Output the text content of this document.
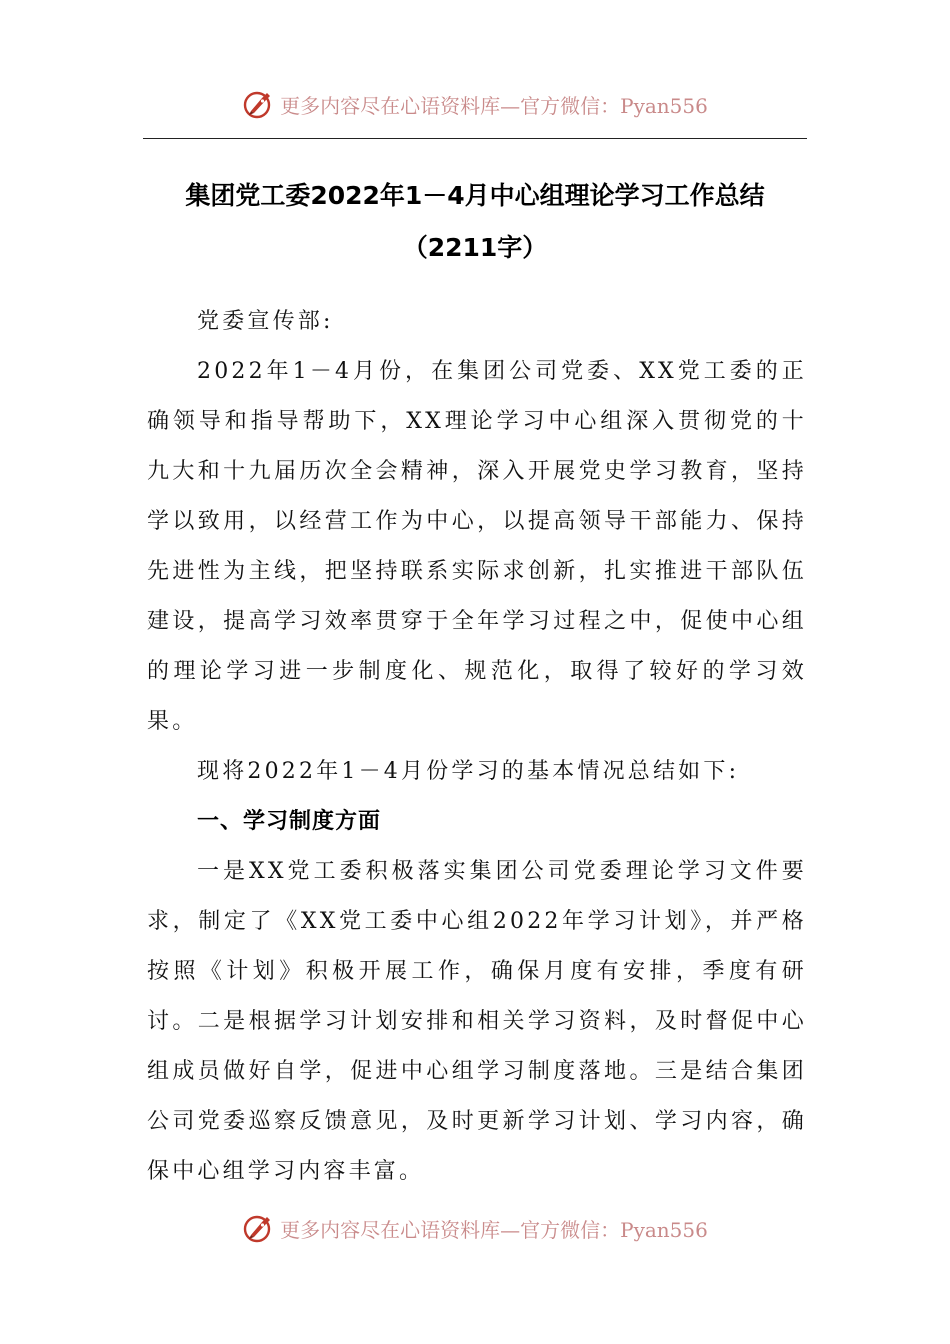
更多内容尽在心语资料库—官方微信：Pyan556
集团党工委2022年1－4月中心组理论学习工作总结（2211字）

党委宣传部:

2022年1－4月份，在集团公司党委、XX党工委的正确领导和指导帮助下，XX理论学习中心组深入贯彻党的十九大和十九届历次全会精神，深入开展党史学习教育，坚持学以致用，以经营工作为中心，以提高领导干部能力、保持先进性为主线，把坚持联系实际求创新，扎实推进干部队伍建设，提高学习效率贯穿于全年学习过程之中，促使中心组的理论学习进一步制度化、规范化，取得了较好的学习效果。

现将2022年1－4月份学习的基本情况总结如下:

一、学习制度方面

一是XX党工委积极落实集团公司党委理论学习文件要求，制定了《XX党工委中心组2022年学习计划》，并严格按照《计划》积极开展工作，确保月度有安排，季度有研讨。二是根据学习计划安排和相关学习资料，及时督促中心组成员做好自学，促进中心组学习制度落地。三是结合集团公司党委巡察反馈意见，及时更新学习计划、学习内容，确保中心组学习内容丰富。

更多内容尽在心语资料库—官方微信：Pyan556
